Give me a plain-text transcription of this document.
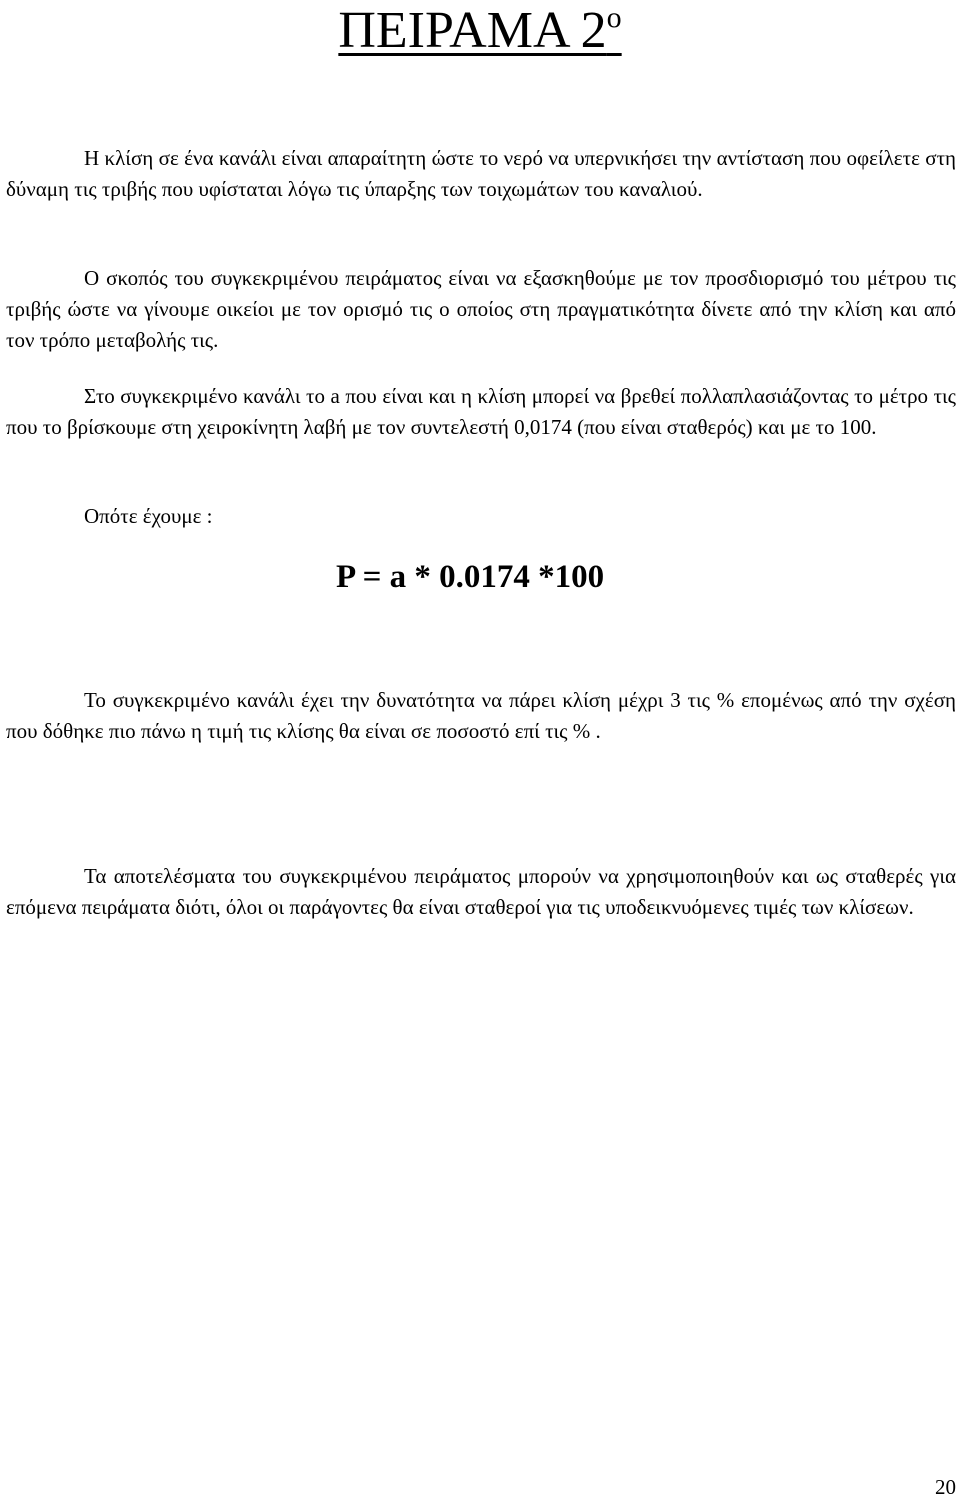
ΠΕΙΡΑΜΑ $2^o$

Η κλίση σε ένα κανάλι είναι απαραίτητη ώστε το νερό να υπερνικήσει την αντίσταση που οφείλετε στη δύναμη τις τριβής που υφίσταται λόγω τις ύπαρξης των τοιχωμάτων του καναλιού.

Ο σκοπός του συγκεκριμένου πειράματος είναι να εξασκηθούμε με τον προσδιορισμό του μέτρου τις τριβής ώστε να γίνουμε οικείοι με τον ορισμό τις ο οποίος στη πραγματικότητα δίνετε από την κλίση και από τον τρόπο μεταβολής τις.

Στο συγκεκριμένο κανάλι το a που είναι και η κλίση μπορεί να βρεθεί πολλαπλασιάζοντας το μέτρο τις που το βρίσκουμε στη χειροκίνητη λαβή με τον συντελεστή 0,0174 (που είναι σταθερός) και με το 100.

Οπότε έχουμε :
P = a * 0.0174 *100

Το συγκεκριμένο κανάλι έχει την δυνατότητα να πάρει κλίση μέχρι 3 τις % επομένως από την σχέση που δόθηκε πιο πάνω η τιμή τις κλίσης θα είναι σε ποσοστό επί τις % .

Τα αποτελέσματα του συγκεκριμένου πειράματος μπορούν να χρησιμοποιηθούν και ως σταθερές για επόμενα πειράματα διότι, όλοι οι παράγοντες θα είναι σταθεροί για τις υποδεικνυόμενες τιμές των κλίσεων.

20
